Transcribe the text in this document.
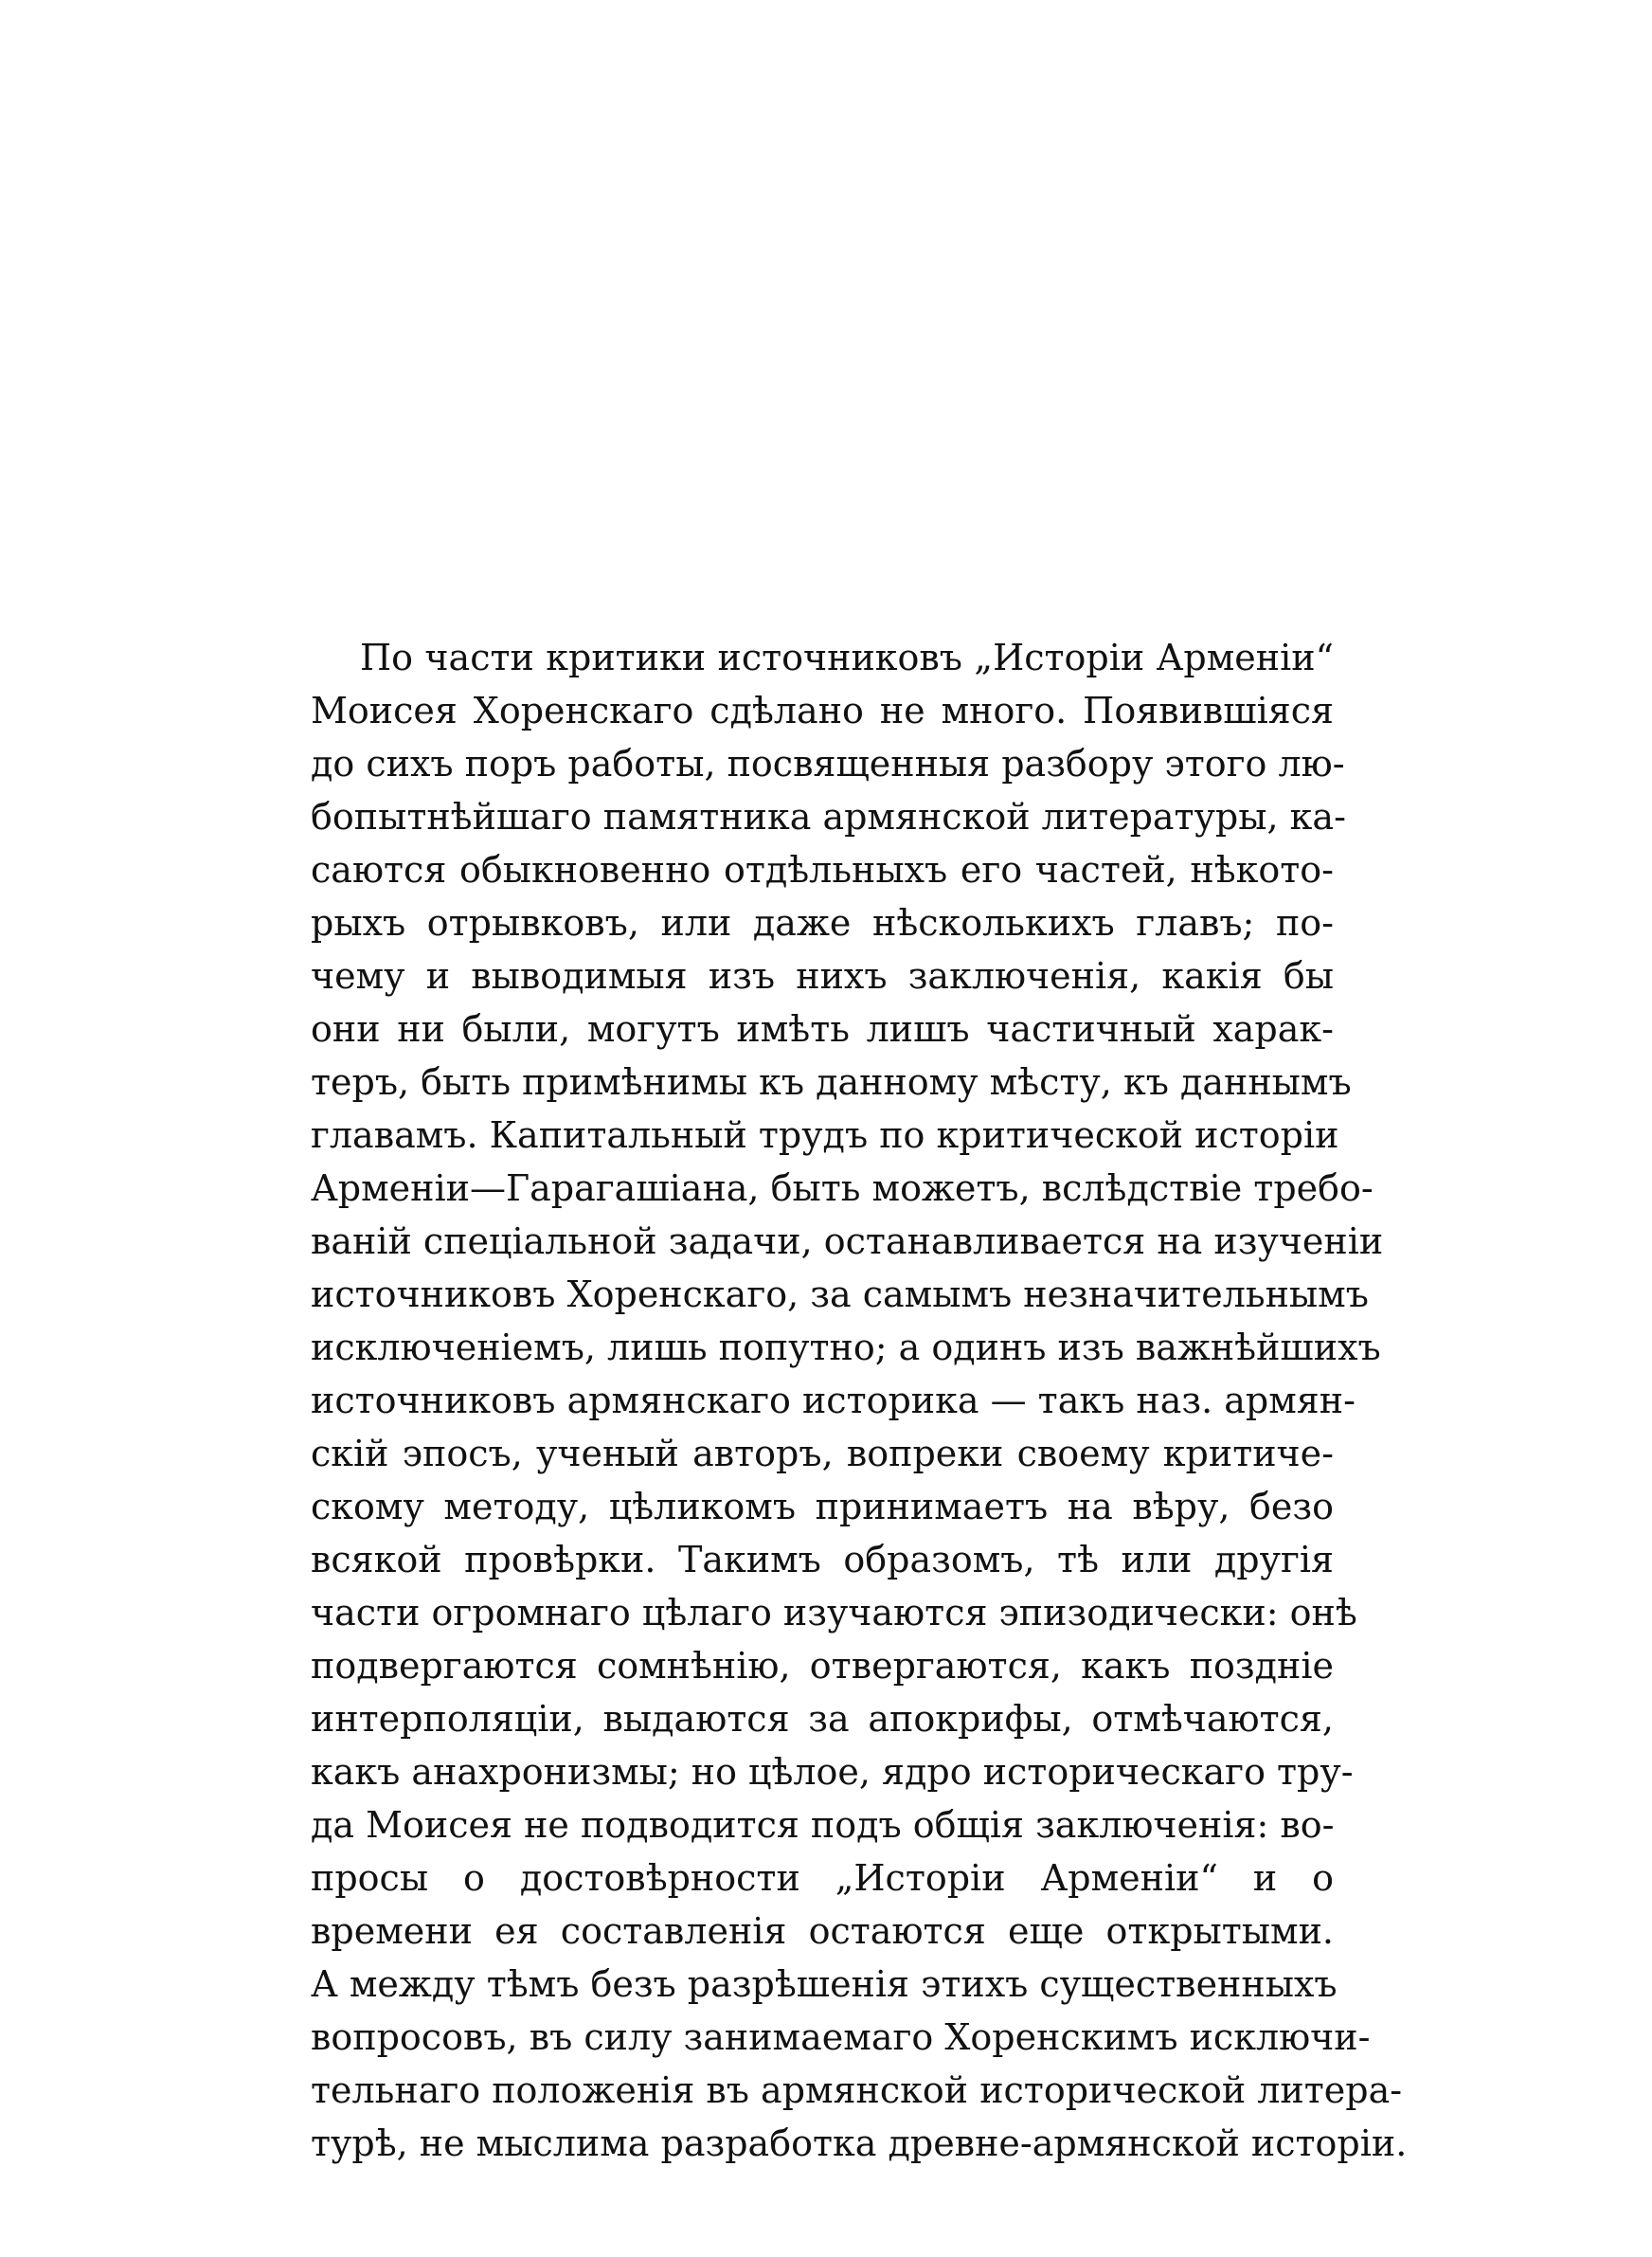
По части критики источниковъ „Исторіи Арменіи“
Моисея Хоренскаго сдѣлано не много. Появившіяся
до сихъ поръ работы, посвященныя разбору этого лю-
бопытнѣйшаго памятника армянской литературы, ка-
саются обыкновенно отдѣльныхъ его частей, нѣкото-
рыхъ отрывковъ, или даже нѣсколькихъ главъ; по-
чему и выводимыя изъ нихъ заключенія, какія бы
они ни были, могутъ имѣть лишъ частичный харак-
теръ, быть примѣнимы къ данному мѣсту, къ даннымъ
главамъ. Капитальный трудъ по критической исторіи
Арменіи—Гарагашіана, быть можетъ, вслѣдствіе требо-
ваній спеціальной задачи, останавливается на изученіи
источниковъ Хоренскаго, за самымъ незначительнымъ
исключеніемъ, лишь попутно; а одинъ изъ важнѣйшихъ
источниковъ армянскаго историка — такъ наз. армян-
скій эпосъ, ученый авторъ, вопреки своему критиче-
скому методу, цѣликомъ принимаетъ на вѣру, безо
всякой провѣрки. Такимъ образомъ, тѣ или другія
части огромнаго цѣлаго изучаются эпизодически: онѣ
подвергаются сомнѣнію, отвергаются, какъ поздніе
интерполяціи, выдаются за апокрифы, отмѣчаются,
какъ анахронизмы; но цѣлое, ядро историческаго тру-
да Моисея не подводится подъ общія заключенія: во-
просы о достовѣрности „Исторіи Арменіи“ и о
времени ея составленія остаются еще открытыми.
А между тѣмъ безъ разрѣшенія этихъ существенныхъ
вопросовъ, въ силу занимаемаго Хоренскимъ исключи-
тельнаго положенія въ армянской исторической литера-
турѣ, не мыслима разработка древне-армянской исторіи.
